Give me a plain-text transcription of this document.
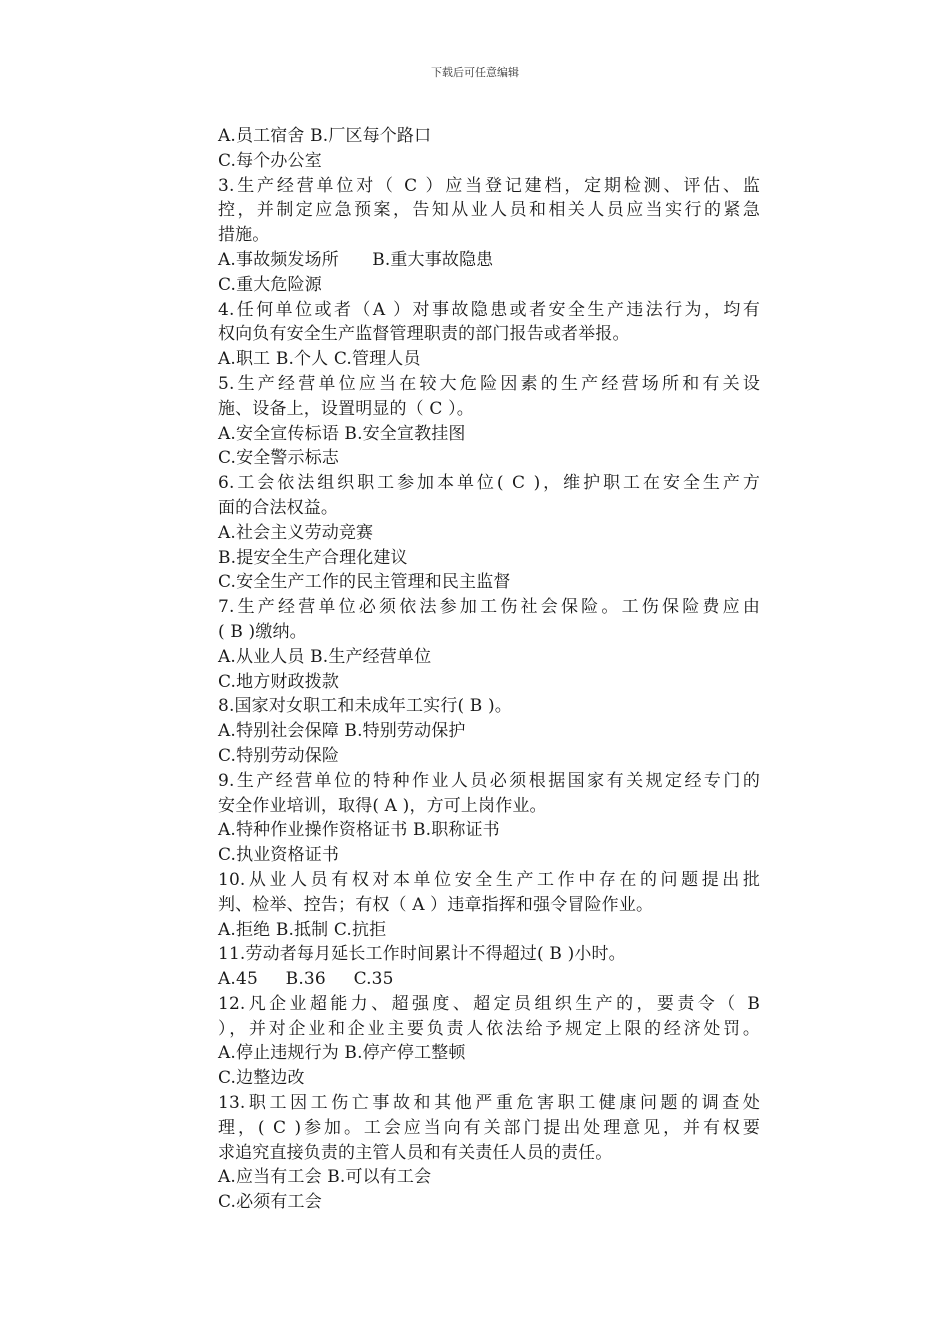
下载后可任意编辑
A.员工宿舍 B.厂区每个路口
C.每个办公室
3.生产经营单位对（ C ）应当登记建档，定期检测、评估、监
控，并制定应急预案，告知从业人员和相关人员应当实行的紧急
措施。
A.事故频发场所      B.重大事故隐患
C.重大危险源
4.任何单位或者（A ）对事故隐患或者安全生产违法行为，均有
权向负有安全生产监督管理职责的部门报告或者举报。
A.职工 B.个人 C.管理人员
5.生产经营单位应当在较大危险因素的生产经营场所和有关设
施、设备上，设置明显的（ C ）。
A.安全宣传标语 B.安全宣教挂图
C.安全警示标志
6.工会依法组织职工参加本单位( C )，维护职工在安全生产方
面的合法权益。
A.社会主义劳动竞赛
B.提安全生产合理化建议
C.安全生产工作的民主管理和民主监督
7.生产经营单位必须依法参加工伤社会保险。工伤保险费应由
( B )缴纳。
A.从业人员 B.生产经营单位
C.地方财政拨款
8.国家对女职工和未成年工实行( B )。
A.特别社会保障 B.特别劳动保护
C.特别劳动保险
9.生产经营单位的特种作业人员必须根据国家有关规定经专门的
安全作业培训，取得( A )，方可上岗作业。
A.特种作业操作资格证书 B.职称证书
C.执业资格证书
10.从业人员有权对本单位安全生产工作中存在的问题提出批
判、检举、控告；有权（ A ）违章指挥和强令冒险作业。
A.拒绝 B.抵制 C.抗拒
11.劳动者每月延长工作时间累计不得超过( B )小时。
A.45     B.36     C.35
12.凡企业超能力、超强度、超定员组织生产的，要责令（ B
），并对企业和企业主要负责人依法给予规定上限的经济处罚。
A.停止违规行为 B.停产停工整顿
C.边整边改
13.职工因工伤亡事故和其他严重危害职工健康问题的调查处
理，( C )参加。工会应当向有关部门提出处理意见，并有权要
求追究直接负责的主管人员和有关责任人员的责任。
A.应当有工会 B.可以有工会
C.必须有工会
